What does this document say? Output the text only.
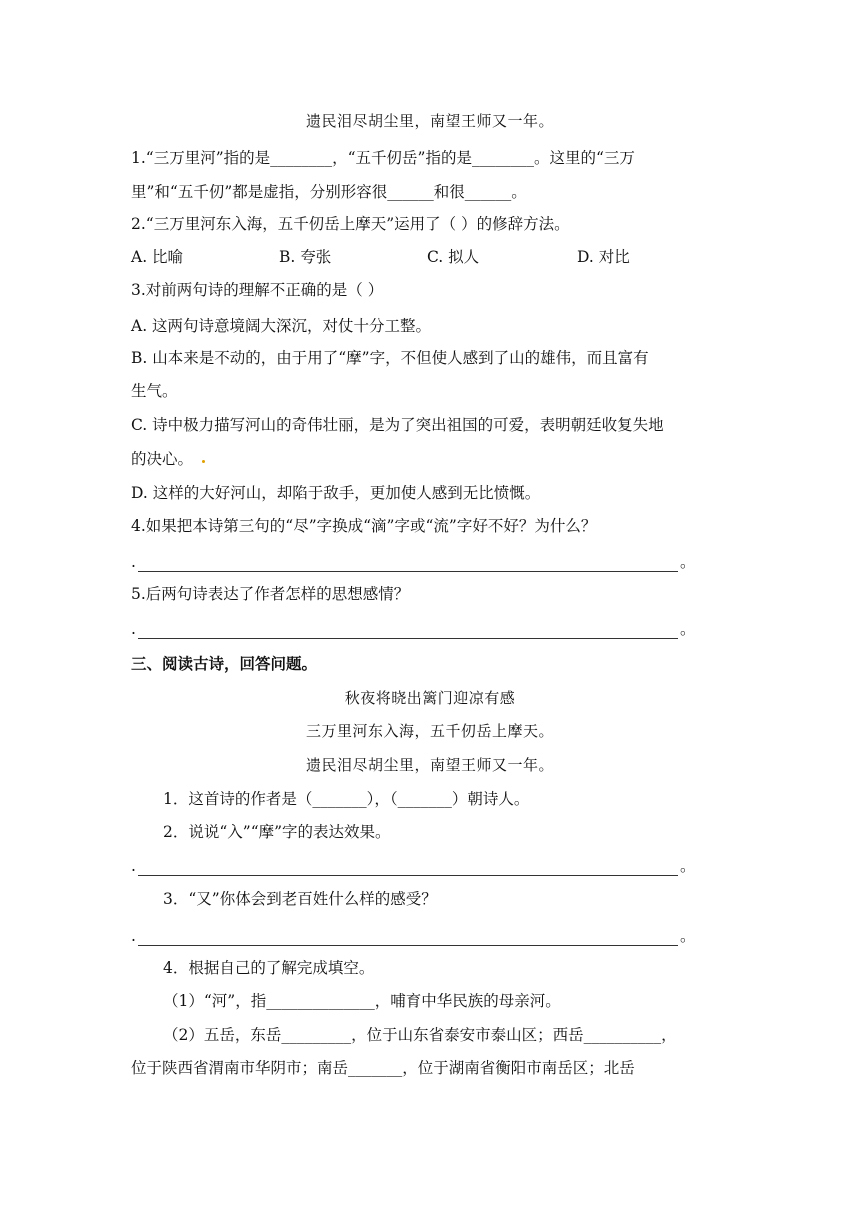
遗民泪尽胡尘里，南望王师又一年。
1.“三万里河”指的是________，“五千仞岳”指的是________。这里的“三万
里”和“五千仞”都是虚指，分别形容很______和很______。
2.“三万里河东入海，五千仞岳上摩天”运用了（ ）的修辞方法。
A. 比喻	B. 夸张	C. 拟人	D. 对比
3.对前两句诗的理解不正确的是（ ）
A. 这两句诗意境阔大深沉，对仗十分工整。
B. 山本来是不动的，由于用了“摩”字，不但使人感到了山的雄伟，而且富有
生气。
C. 诗中极力描写河山的奇伟壮丽，是为了突出祖国的可爱，表明朝廷收复失地
的决心。
D. 这样的大好河山，却陷于敌手，更加使人感到无比愤慨。
4.如果把本诗第三句的“尽”字换成“滴”字或“流”字好不好？为什么？
.	。
5.后两句诗表达了作者怎样的思想感情？
.	。
三、阅读古诗，回答问题。
秋夜将晓出篱门迎凉有感
三万里河东入海，五千仞岳上摩天。
遗民泪尽胡尘里，南望王师又一年。
1．这首诗的作者是（_______），（_______）朝诗人。
2．说说“入”“摩”字的表达效果。
.	。
3．“又”你体会到老百姓什么样的感受？
.	。
4．根据自己的了解完成填空。
（1）“河”，指______________，哺育中华民族的母亲河。
（2）五岳，东岳_________，位于山东省泰安市泰山区；西岳__________，
位于陕西省渭南市华阴市；南岳_______，位于湖南省衡阳市南岳区；北岳
